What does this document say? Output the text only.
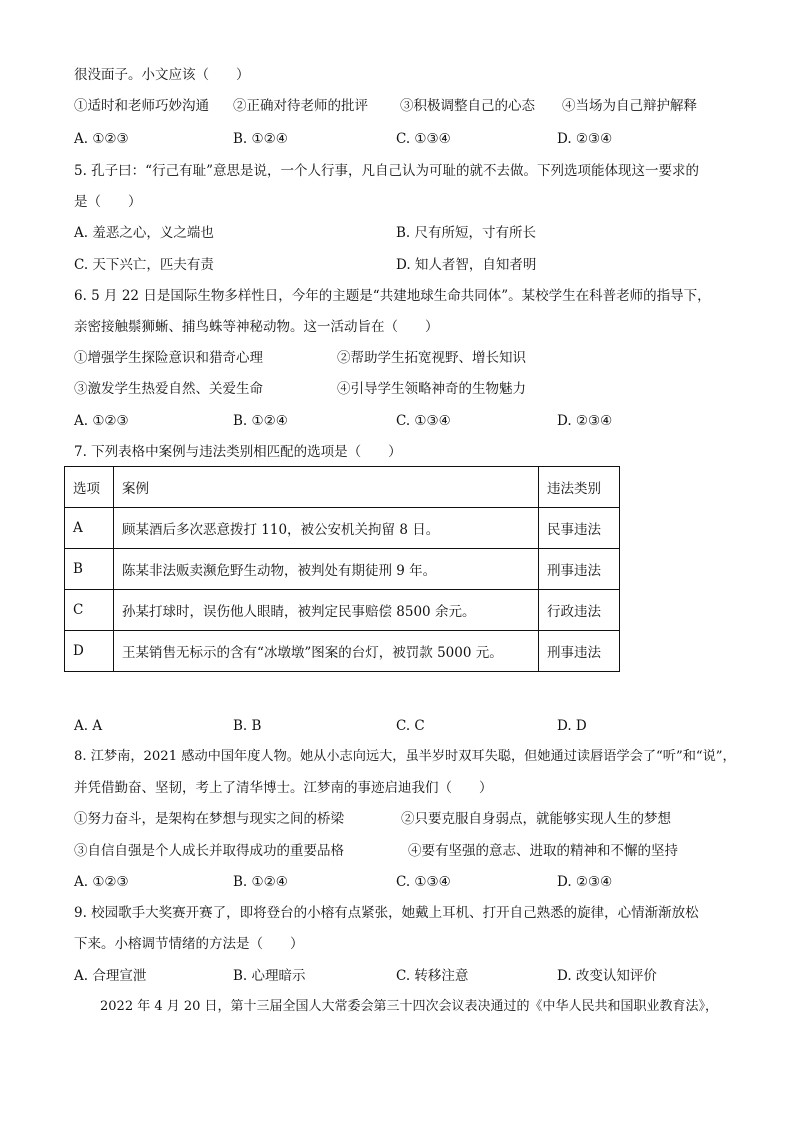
很没面子。小文应该（　　）
①适时和老师巧妙沟通 ②正确对待老师的批评 ③积极调整自己的心态 ④当场为自己辩护解释
A. ①②③	B. ①②④	C. ①③④	D. ②③④
5. 孔子曰：“行己有耻”意思是说，一个人行事，凡自己认为可耻的就不去做。下列选项能体现这一要求的
是（　　）
A. 羞恶之心，义之端也	B. 尺有所短，寸有所长
C. 天下兴亡，匹夫有责	D. 知人者智，自知者明
6. 5 月 22 日是国际生物多样性日，今年的主题是“共建地球生命共同体”。某校学生在科普老师的指导下，
亲密接触鬃狮蜥、捕鸟蛛等神秘动物。这一活动旨在（　　）
①增强学生探险意识和猎奇心理	②帮助学生拓宽视野、增长知识
③激发学生热爱自然、关爱生命	④引导学生领略神奇的生物魅力
A. ①②③	B. ①②④	C. ①③④	D. ②③④
7. 下列表格中案例与违法类别相匹配的选项是（　　）
选项	案例	违法类别
A	顾某酒后多次恶意拨打 110，被公安机关拘留 8 日。	民事违法
B	陈某非法贩卖濒危野生动物，被判处有期徒刑 9 年。	刑事违法
C	孙某打球时，误伤他人眼睛，被判定民事赔偿 8500 余元。	行政违法
D	王某销售无标示的含有“冰墩墩”图案的台灯，被罚款 5000 元。	刑事违法
A. A	B. B	C. C	D. D
8. 江梦南，2021 感动中国年度人物。她从小志向远大，虽半岁时双耳失聪，但她通过读唇语学会了“听”和“说”，
并凭借勤奋、坚韧，考上了清华博士。江梦南的事迹启迪我们（　　）
①努力奋斗，是架构在梦想与现实之间的桥梁	②只要克服自身弱点，就能够实现人生的梦想
③自信自强是个人成长并取得成功的重要品格	④要有坚强的意志、进取的精神和不懈的坚持
A. ①②③	B. ①②④	C. ①③④	D. ②③④
9. 校园歌手大奖赛开赛了，即将登台的小榕有点紧张，她戴上耳机、打开自己熟悉的旋律，心情渐渐放松
下来。小榕调节情绪的方法是（　　）
A. 合理宣泄	B. 心理暗示	C. 转移注意	D. 改变认知评价
2022 年 4 月 20 日，第十三届全国人大常委会第三十四次会议表决通过的《中华人民共和国职业教育法》，
